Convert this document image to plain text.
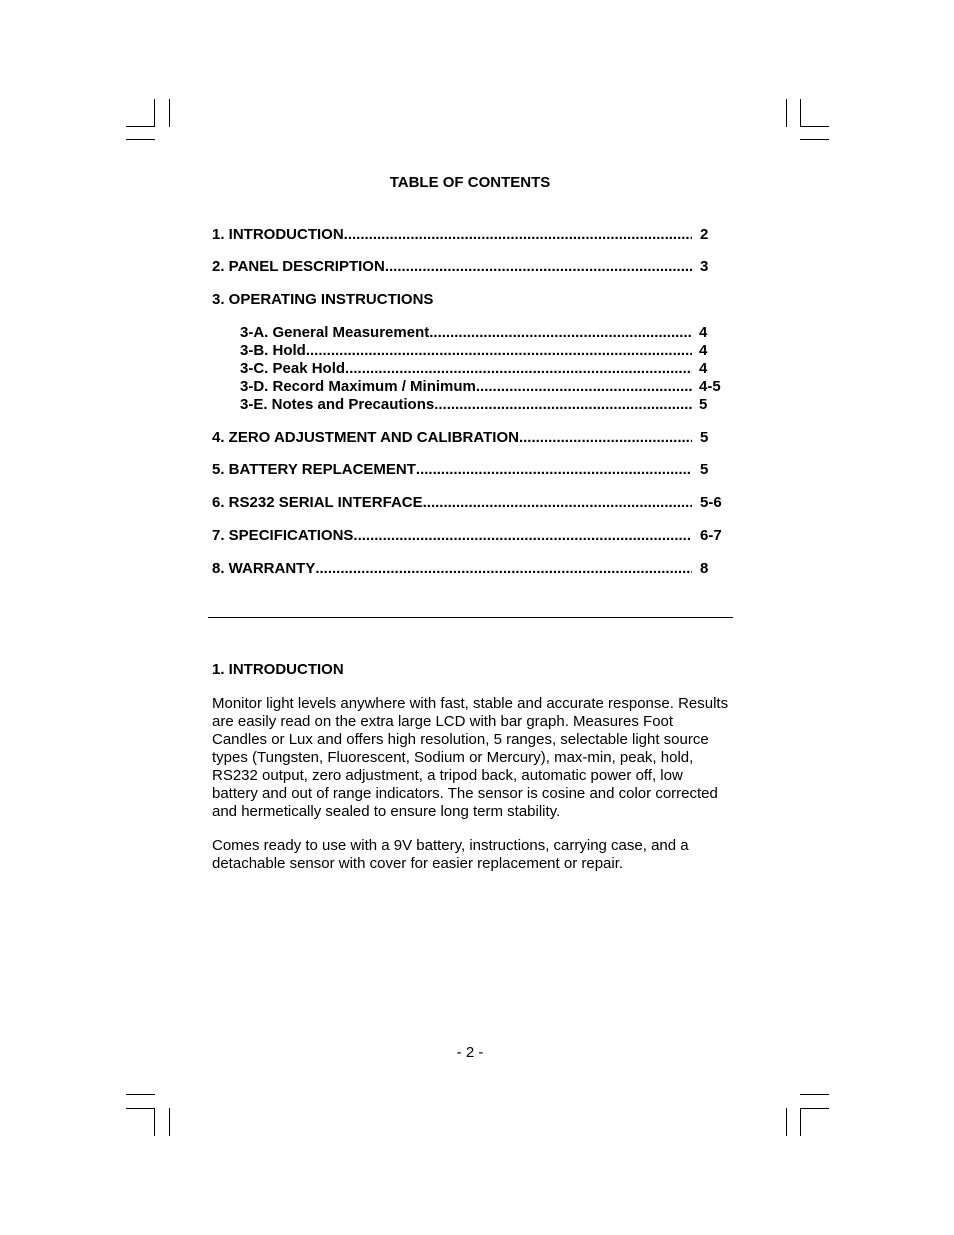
TABLE OF CONTENTS
1. INTRODUCTION .....	2
2. PANEL DESCRIPTION .....	3
3. OPERATING INSTRUCTIONS
3-A. General Measurement .....	4
3-B. Hold .....	4
3-C. Peak Hold .....	4
3-D. Record Maximum / Minimum .....	4-5
3-E. Notes and Precautions .....	5
4. ZERO ADJUSTMENT AND CALIBRATION .....	5
5. BATTERY REPLACEMENT .....	5
6. RS232 SERIAL INTERFACE .....	5-6
7. SPECIFICATIONS .....	6-7
8. WARRANTY .....	8
1. INTRODUCTION

Monitor light levels anywhere with fast, stable and accurate response. Results are easily read on the extra large LCD with bar graph. Measures Foot Candles or Lux and offers high resolution, 5 ranges, selectable light source types (Tungsten, Fluorescent, Sodium or Mercury), max-min, peak, hold, RS232 output, zero adjustment, a tripod back, automatic power off, low battery and out of range indicators. The sensor is cosine and color corrected and hermetically sealed to ensure long term stability.

Comes ready to use with a 9V battery, instructions, carrying case, and a detachable sensor with cover for easier replacement or repair.

- 2 -
